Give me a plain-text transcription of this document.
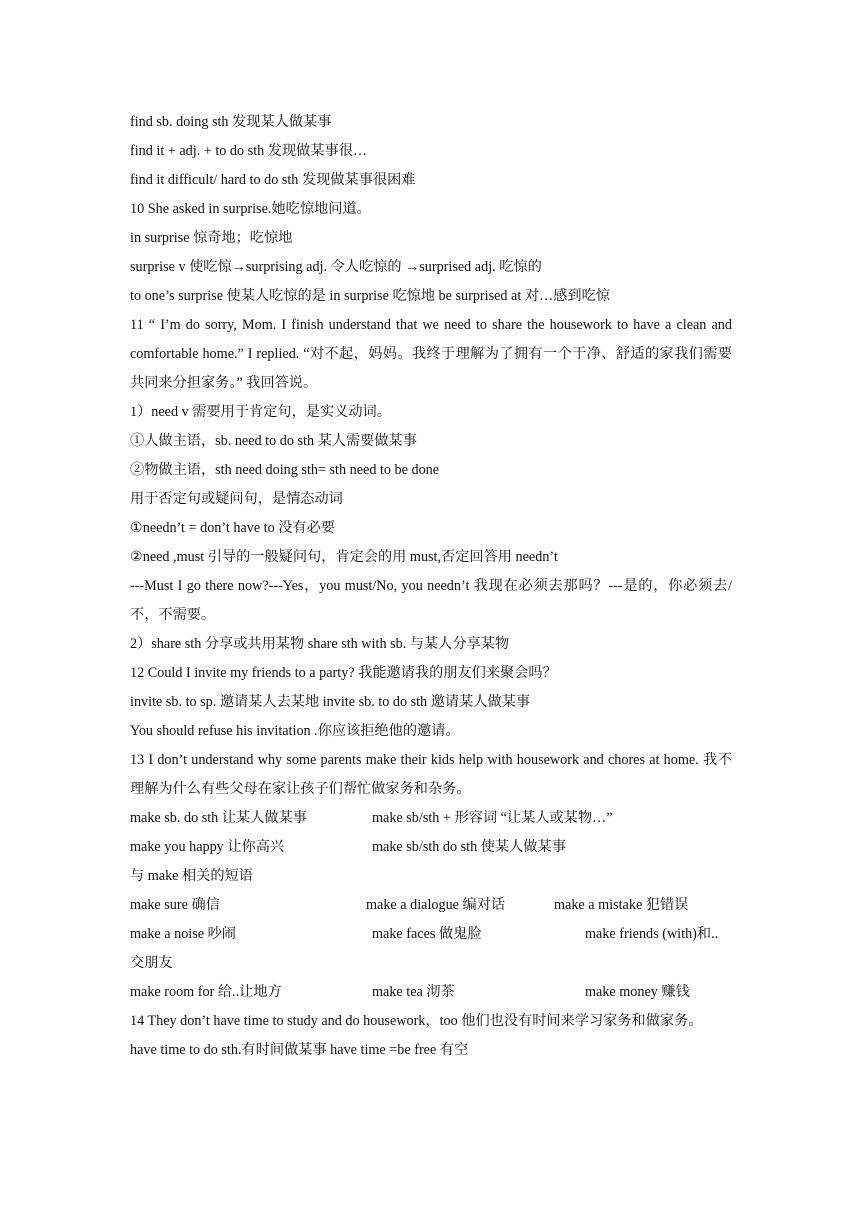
find sb. doing sth 发现某人做某事
find it + adj. + to do sth 发现做某事很…
find it difficult/ hard to do sth 发现做某事很困难
10 She asked in surprise.她吃惊地问道。
in surprise 惊奇地；吃惊地
surprise v 使吃惊→surprising adj. 令人吃惊的 →surprised adj. 吃惊的
to one’s surprise 使某人吃惊的是 in surprise 吃惊地 be surprised at 对…感到吃惊
11 “ I’m do sorry, Mom. I finish understand that we need to share the housework to have a clean and comfortable home.” I replied. “对不起，妈妈。我终于理解为了拥有一个干净、舒适的家我们需要共同来分担家务。” 我回答说。
1）need v 需要用于肯定句，是实义动词。
①人做主语，sb. need to do sth 某人需要做某事
②物做主语，sth need doing sth= sth need to be done
用于否定句或疑问句，是情态动词
①needn’t = don’t have to 没有必要
②need ,must 引导的一般疑问句，肯定会的用 must,否定回答用 needn’t
---Must I go there now?---Yes，you must/No, you needn’t 我现在必须去那吗？---是的，你必须去/不，不需要。
2）share sth 分享或共用某物 share sth with sb. 与某人分享某物
12 Could I invite my friends to a party? 我能邀请我的朋友们来聚会吗？
invite sb. to sp. 邀请某人去某地 invite sb. to do sth 邀请某人做某事
You should refuse his invitation .你应该拒绝他的邀请。
13 I don’t understand why some parents make their kids help with housework and chores at home. 我不理解为什么有些父母在家让孩子们帮忙做家务和杂务。
make sb. do sth 让某人做某事	make sb/sth + 形容词 “让某人或某物…”
make you happy 让你高兴	make sb/sth do sth 使某人做某事
与 make 相关的短语
make sure 确信	make a dialogue 编对话	make a mistake 犯错误
make a noise 吵闹	make faces 做鬼脸	make friends (with)和..
交朋友
make room for 给..让地方	make tea 沏茶	make money 赚钱
14 They don’t have time to study and do housework，too 他们也没有时间来学习家务和做家务。
have time to do sth.有时间做某事 have time =be free 有空
